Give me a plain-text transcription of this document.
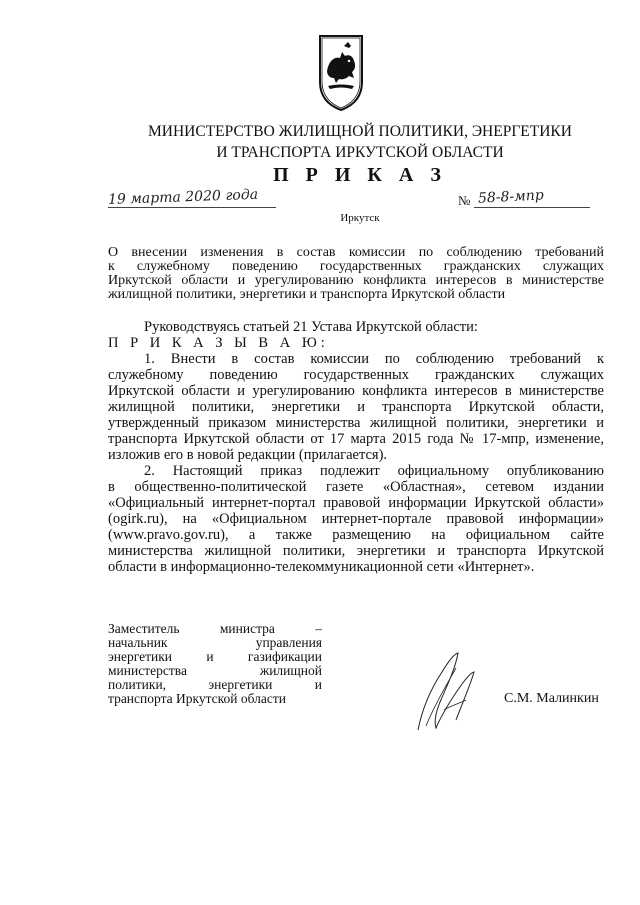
МИНИСТЕРСТВО ЖИЛИЩНОЙ ПОЛИТИКИ, ЭНЕРГЕТИКИ
И ТРАНСПОРТА ИРКУТСКОЙ ОБЛАСТИ
П Р И К А З
19 марта 2020 года	№ 58-8-мпр
Иркутск
О внесении изменения в состав комиссии по соблюдению требований
к служебному поведению государственных гражданских служащих
Иркутской области и урегулированию конфликта интересов в министерстве
жилищной политики, энергетики и транспорта Иркутской области
Руководствуясь статьей 21 Устава Иркутской области:
П Р И К А З Ы В А Ю:
1. Внести в состав комиссии по соблюдению требований к
служебному поведению государственных гражданских служащих
Иркутской области и урегулированию конфликта интересов в министерстве
жилищной политики, энергетики и транспорта Иркутской области,
утвержденный приказом министерства жилищной политики, энергетики и
транспорта Иркутской области от 17 марта 2015 года № 17-мпр, изменение,
изложив его в новой редакции (прилагается).
2. Настоящий приказ подлежит официальному опубликованию
в общественно-политической газете «Областная», сетевом издании
«Официальный интернет-портал правовой информации Иркутской области»
(ogirk.ru), на «Официальном интернет-портале правовой информации»
(www.pravo.gov.ru), а также размещению на официальном сайте
министерства жилищной политики, энергетики и транспорта Иркутской
области в информационно-телекоммуникационной сети «Интернет».
Заместитель министра –
начальник управления
энергетики и газификации
министерства жилищной
политики, энергетики и
транспорта Иркутской области	С.М. Малинкин
